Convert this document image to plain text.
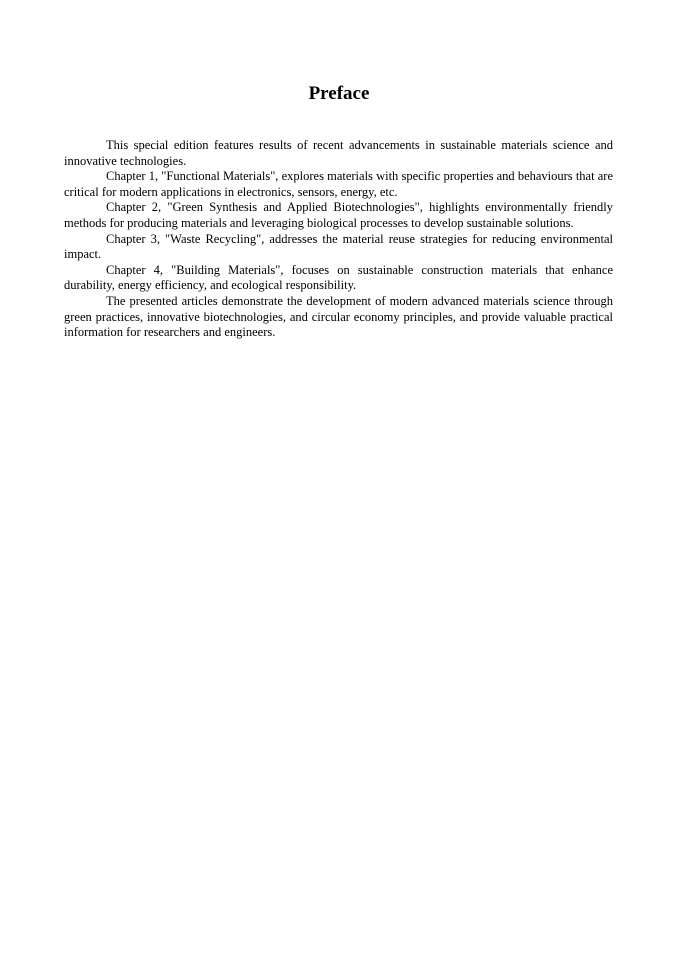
Preface

This special edition features results of recent advancements in sustainable materials science and innovative technologies.

Chapter 1, "Functional Materials", explores materials with specific properties and behaviours that are critical for modern applications in electronics, sensors, energy, etc.

Chapter 2, "Green Synthesis and Applied Biotechnologies", highlights environmentally friendly methods for producing materials and leveraging biological processes to develop sustainable solutions.

Chapter 3, "Waste Recycling", addresses the material reuse strategies for reducing environmental impact.

Chapter 4, "Building Materials", focuses on sustainable construction materials that enhance durability, energy efficiency, and ecological responsibility.

The presented articles demonstrate the development of modern advanced materials science through green practices, innovative biotechnologies, and circular economy principles, and provide valuable practical information for researchers and engineers.
